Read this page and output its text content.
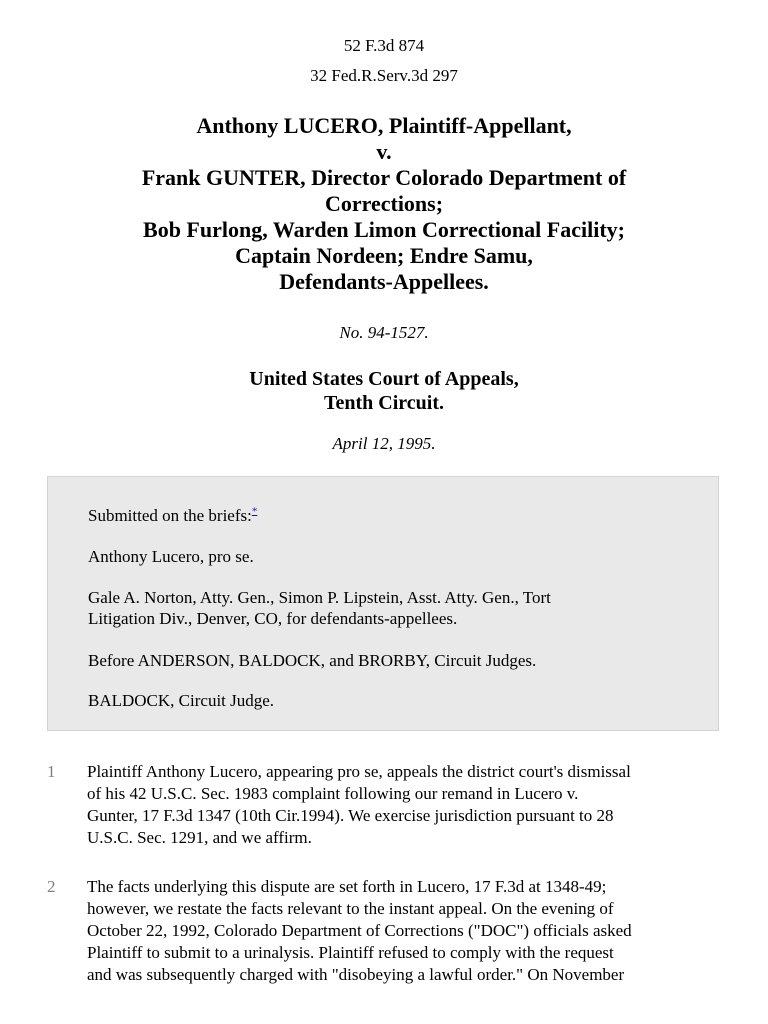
52 F.3d 874
32 Fed.R.Serv.3d 297
Anthony LUCERO, Plaintiff-Appellant,
v.
Frank GUNTER, Director Colorado Department of
Corrections;
Bob Furlong, Warden Limon Correctional Facility;
Captain Nordeen; Endre Samu,
Defendants-Appellees.
No. 94-1527.
United States Court of Appeals,
Tenth Circuit.
April 12, 1995.

Submitted on the briefs:*

Anthony Lucero, pro se.

Gale A. Norton, Atty. Gen., Simon P. Lipstein, Asst. Atty. Gen., Tort
Litigation Div., Denver, CO, for defendants-appellees.

Before ANDERSON, BALDOCK, and BRORBY, Circuit Judges.

BALDOCK, Circuit Judge.

1	Plaintiff Anthony Lucero, appearing pro se, appeals the district court's dismissal
of his 42 U.S.C. Sec. 1983 complaint following our remand in Lucero v.
Gunter, 17 F.3d 1347 (10th Cir.1994). We exercise jurisdiction pursuant to 28
U.S.C. Sec. 1291, and we affirm.
2	The facts underlying this dispute are set forth in Lucero, 17 F.3d at 1348-49;
however, we restate the facts relevant to the instant appeal. On the evening of
October 22, 1992, Colorado Department of Corrections ("DOC") officials asked
Plaintiff to submit to a urinalysis. Plaintiff refused to comply with the request
and was subsequently charged with "disobeying a lawful order." On November
